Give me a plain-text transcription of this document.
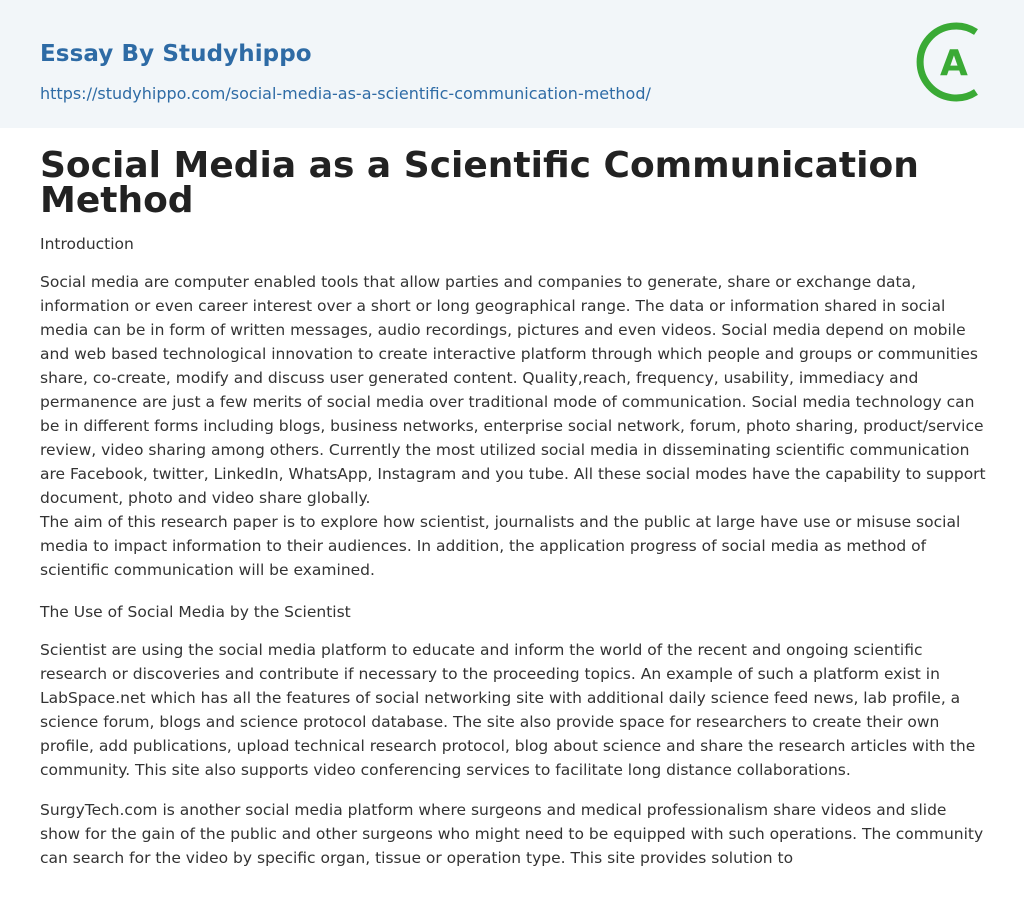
Essay By Studyhippo
https://studyhippo.com/social-media-as-a-scientific-communication-method/
A
Social Media as a Scientific Communication Method
Introduction

Social media are computer enabled tools that allow parties and companies to generate, share or exchange data, information or even career interest over a short or long geographical range. The data or information shared in social media can be in form of written messages, audio recordings, pictures and even videos. Social media depend on mobile and web based technological innovation to create interactive platform through which people and groups or communities share, co-create, modify and discuss user generated content. Quality,reach, frequency, usability, immediacy and permanence are just a few merits of social media over traditional mode of communication. Social media technology can be in different forms including blogs, business networks, enterprise social network, forum, photo sharing, product/service review, video sharing among others. Currently the most utilized social media in disseminating scientific communication are Facebook, twitter, LinkedIn, WhatsApp, Instagram and you tube. All these social modes have the capability to support document, photo and video share globally.

The aim of this research paper is to explore how scientist, journalists and the public at large have use or misuse social media to impact information to their audiences. In addition, the application progress of social media as method of scientific communication will be examined.

The Use of Social Media by the Scientist

Scientist are using the social media platform to educate and inform the world of the recent and ongoing scientific research or discoveries and contribute if necessary to the proceeding topics. An example of such a platform exist in LabSpace.net which has all the features of social networking site with additional daily science feed news, lab profile, a science forum, blogs and science protocol database. The site also provide space for researchers to create their own profile, add publications, upload technical research protocol, blog about science and share the research articles with the community. This site also supports video conferencing services to facilitate long distance collaborations.

SurgyTech.com is another social media platform where surgeons and medical professionalism share videos and slide show for the gain of the public and other surgeons who might need to be equipped with such operations. The community can search for the video by specific organ, tissue or operation type. This site provides solution to
